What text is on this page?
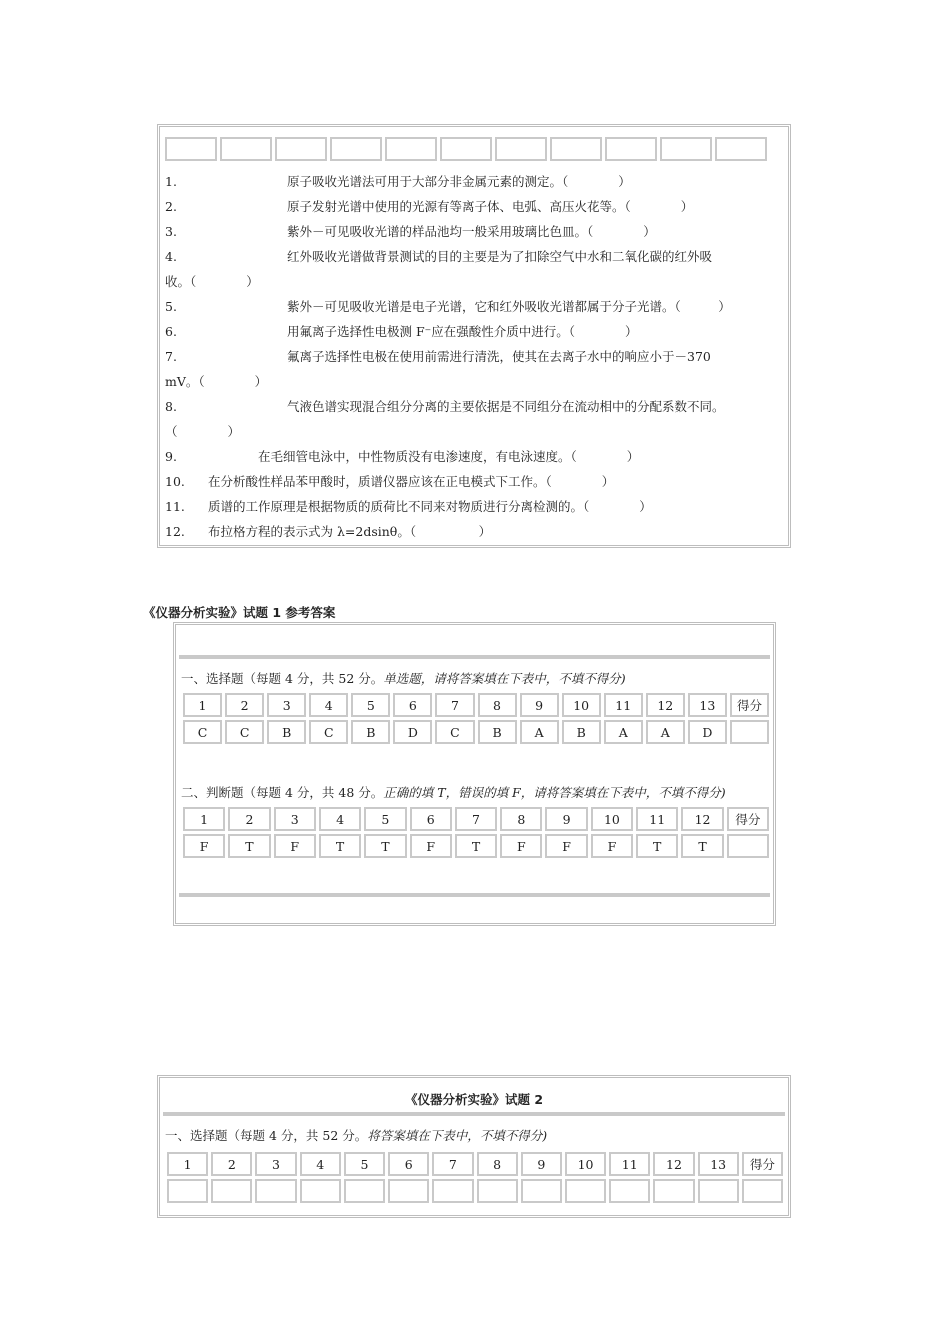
1.	原子吸收光谱法可用于大部分非金属元素的测定。（　　　　）
2.	原子发射光谱中使用的光源有等离子体、电弧、高压火花等。（　　　　）
3.	紫外－可见吸收光谱的样品池均一般采用玻璃比色皿。（　　　　）
4.	红外吸收光谱做背景测试的目的主要是为了扣除空气中水和二氧化碳的红外吸
收。（　　　　）
5.	紫外－可见吸收光谱是电子光谱，它和红外吸收光谱都属于分子光谱。（　　　）
6.	用氟离子选择性电极测 F⁻应在强酸性介质中进行。（　　　　）
7.	氟离子选择性电极在使用前需进行清洗，使其在去离子水中的响应小于－370
mV。（　　　　）
8.	气液色谱实现混合组分分离的主要依据是不同组分在流动相中的分配系数不同。
（　　　　）
9.	在毛细管电泳中，中性物质没有电渗速度，有电泳速度。（　　　　）
10. 在分析酸性样品苯甲酸时，质谱仪器应该在正电模式下工作。（　　　　）
11. 质谱的工作原理是根据物质的质荷比不同来对物质进行分离检测的。（　　　　）
12. 布拉格方程的表示式为 λ=2dsinθ。（　　　　　）
《仪器分析实验》试题 1 参考答案
一、选择题（每题 4 分，共 52 分。单选题，请将答案填在下表中，不填不得分)
1	2	3	4	5	6	7	8	9	10	11	12	13	得分
C	C	B	C	B	D	C	B	A	B	A	A	D
二、判断题（每题 4 分，共 48 分。正确的填 T，错误的填 F，请将答案填在下表中，不填不得分)
1	2	3	4	5	6	7	8	9	10	11	12	得分
F	T	F	T	T	F	T	F	F	F	T	T
《仪器分析实验》试题 2
一、选择题（每题 4 分，共 52 分。将答案填在下表中，不填不得分)
1	2	3	4	5	6	7	8	9	10	11	12	13	得分
